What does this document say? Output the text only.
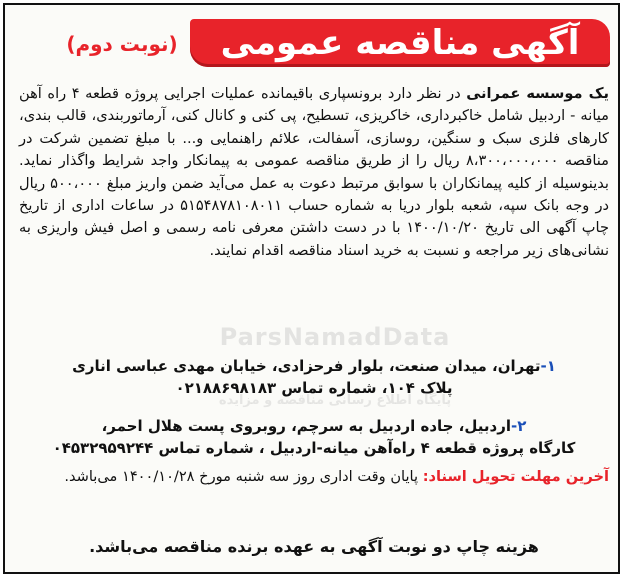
آگهی مناقصه عمومی
(نوبت دوم)

یک موسسه عمرانی در نظر دارد برونسپاری باقیمانده عملیات اجرایی پروژه قطعه ۴ راه آهن میانه - اردبیل شامل خاکبرداری، خاکریزی، تسطیح، پی کنی و کانال کنی، آرماتوربندی، قالب بندی، کارهای فلزی سبک و سنگین، روسازی، آسفالت، علائم راهنمایی و... با مبلغ تضمین شرکت در مناقصه ۸،۳۰۰،۰۰۰،۰۰۰ ریال را از طریق مناقصه عمومی به پیمانکار واجد شرایط واگذار نماید. بدینوسیله از کلیه پیمانکاران با سوابق مرتبط دعوت به عمل می‌آید ضمن واریز مبلغ ۵۰۰،۰۰۰ ریال در وجه بانک سپه، شعبه بلوار دریا به شماره حساب ۵۱۵۴۸۷۸۱۰۸۰۱۱ در ساعات اداری از تاریخ چاپ آگهی الی تاریخ ۱۴۰۰/۱۰/۲۰ با در دست داشتن معرفی نامه رسمی و اصل فیش واریزی به نشانی‌های زیر مراجعه و نسبت به خرید اسناد مناقصه اقدام نمایند.

ParsNamadData
پایگاه اطلاع رسانی مناقصه و مزایده
۱-تهران، میدان صنعت، بلوار فرحزادی، خیابان مهدی عباسی اناری
پلاک ۱۰۴، شماره تماس ۰۲۱۸۸۶۹۸۱۸۳
۲-اردبیل، جاده اردبیل به سرچم، روبروی پست هلال احمر،
کارگاه پروژه قطعه ۴ راه‌آهن میانه-اردبیل ، شماره تماس ۰۴۵۳۲۹۵۹۲۴۴
آخرین مهلت تحویل اسناد: پایان وقت اداری روز سه شنبه مورخ ۱۴۰۰/۱۰/۲۸ می‌باشد.
هزینه چاپ دو نوبت آگهی به عهده برنده مناقصه می‌باشد.
